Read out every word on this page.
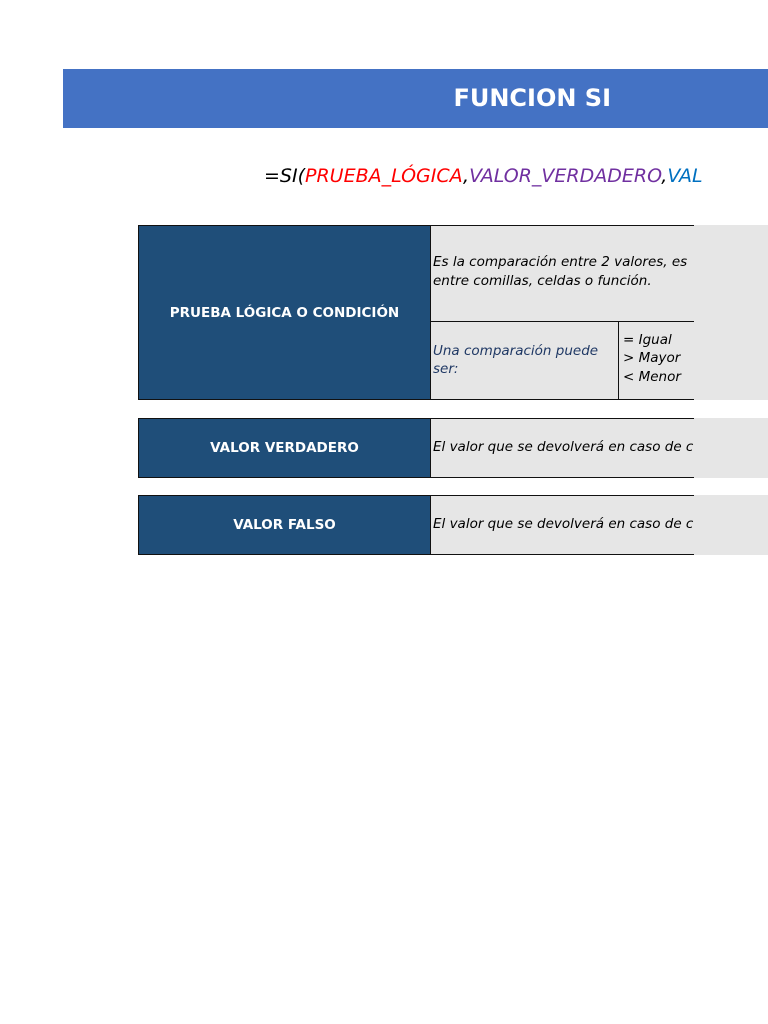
FUNCION SI
=SI(PRUEBA_LÓGICA,VALOR_VERDADERO,VAL
PRUEBA LÓGICA O CONDICIÓN
Es la comparación entre 2 valores, es
entre comillas, celdas o función.
Una comparación puede
ser:
= Igual
> Mayor
< Menor
VALOR VERDADERO	El valor que se devolverá en caso de c
VALOR FALSO	El valor que se devolverá en caso de c
